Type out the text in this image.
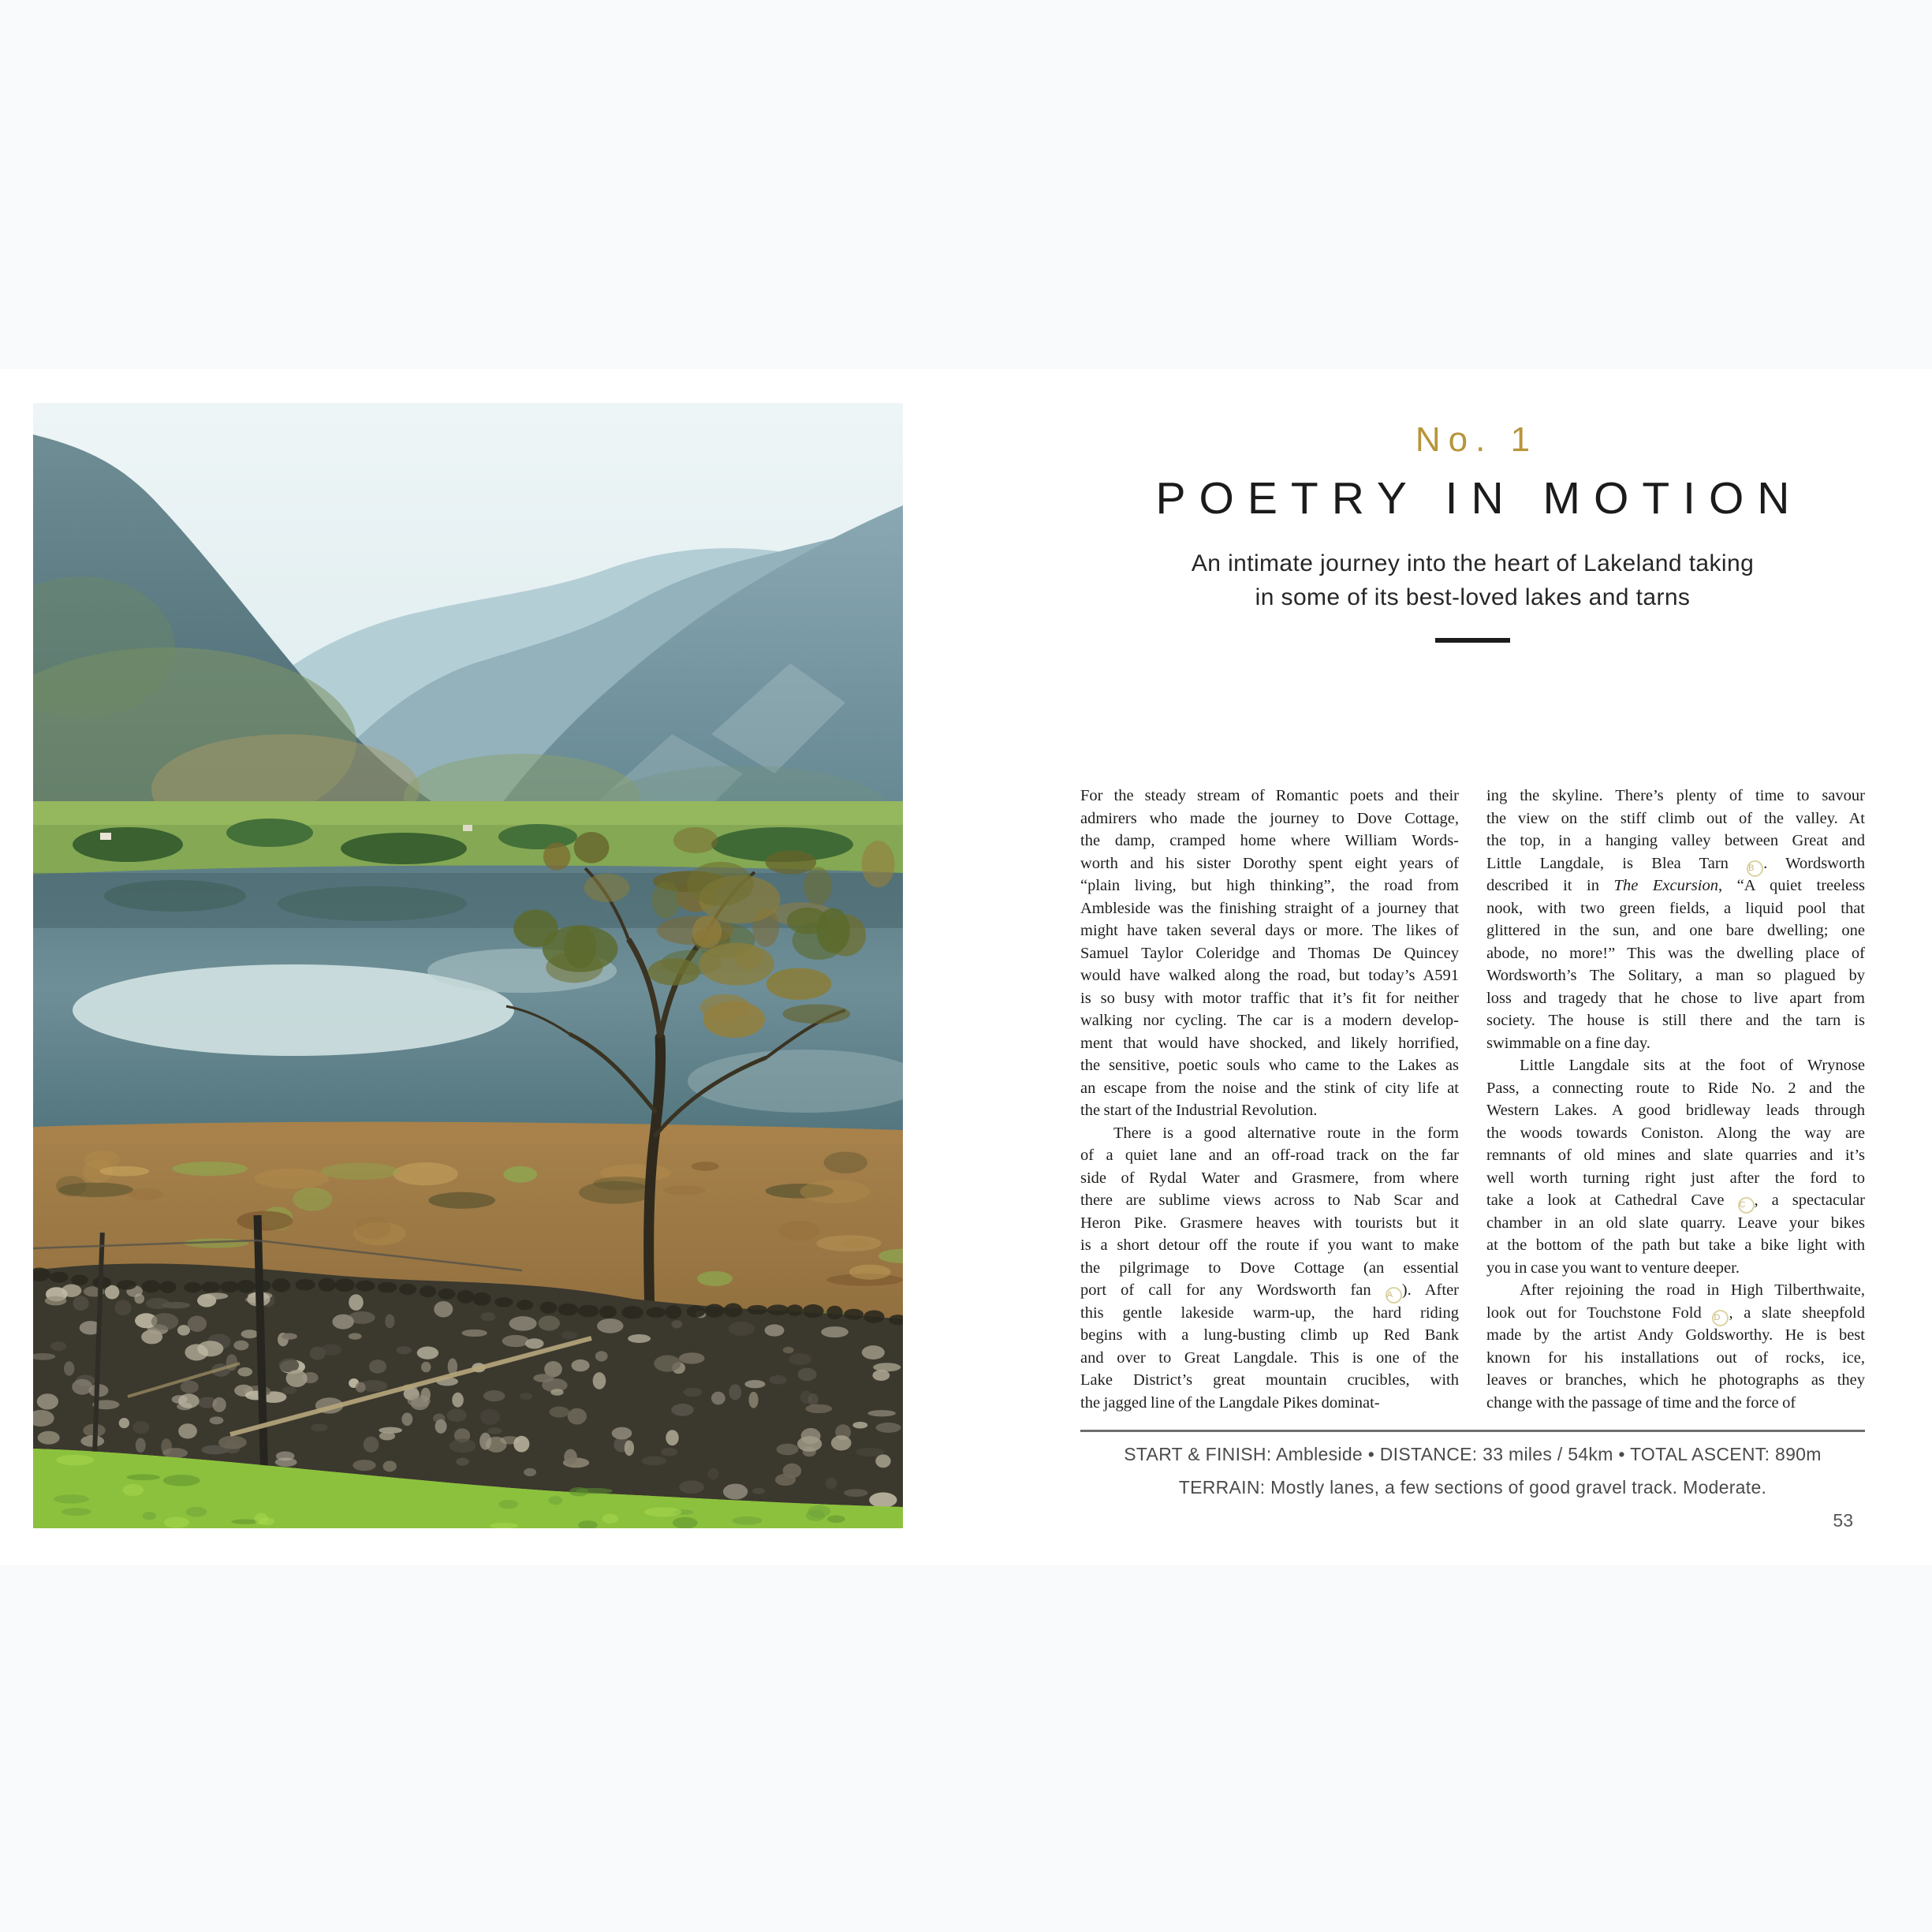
No. 1
POETRY IN MOTION
An intimate journey into the heart of Lakeland taking
in some of its best-loved lakes and tarns
For the steady stream of Romantic poets and their
admirers who made the journey to Dove Cottage,
the damp, cramped home where William Words-
worth and his sister Dorothy spent eight years of
“plain living, but high thinking”, the road from
Ambleside was the finishing straight of a journey that
might have taken several days or more. The likes of
Samuel Taylor Coleridge and Thomas De Quincey
would have walked along the road, but today’s A591
is so busy with motor traffic that it’s fit for neither
walking nor cycling. The car is a modern develop-
ment that would have shocked, and likely horrified,
the sensitive, poetic souls who came to the Lakes as
an escape from the noise and the stink of city life at
the start of the Industrial Revolution.
There is a good alternative route in the form
of a quiet lane and an off-road track on the far
side of Rydal Water and Grasmere, from where
there are sublime views across to Nab Scar and
Heron Pike. Grasmere heaves with tourists but it
is a short detour off the route if you want to make
the pilgrimage to Dove Cottage (an essential
port of call for any Wordsworth fan A ). After
this gentle lakeside warm-up, the hard riding
begins with a lung-busting climb up Red Bank
and over to Great Langdale. This is one of the
Lake District’s great mountain crucibles, with
the jagged line of the Langdale Pikes dominat-
ing the skyline. There’s plenty of time to savour
the view on the stiff climb out of the valley. At
the top, in a hanging valley between Great and
Little Langdale, is Blea Tarn B . Wordsworth
described it in The Excursion, “A quiet treeless
nook, with two green fields, a liquid pool that
glittered in the sun, and one bare dwelling; one
abode, no more!” This was the dwelling place of
Wordsworth’s The Solitary, a man so plagued by
loss and tragedy that he chose to live apart from
society. The house is still there and the tarn is
swimmable on a fine day.
Little Langdale sits at the foot of Wrynose
Pass, a connecting route to Ride No. 2 and the
Western Lakes. A good bridleway leads through
the woods towards Coniston. Along the way are
remnants of old mines and slate quarries and it’s
well worth turning right just after the ford to
take a look at Cathedral Cave C , a spectacular
chamber in an old slate quarry. Leave your bikes
at the bottom of the path but take a bike light with
you in case you want to venture deeper.
After rejoining the road in High Tilberthwaite,
look out for Touchstone Fold D , a slate sheepfold
made by the artist Andy Goldsworthy. He is best
known for his installations out of rocks, ice,
leaves or branches, which he photographs as they
change with the passage of time and the force of
START & FINISH: Ambleside • DISTANCE: 33 miles / 54km • TOTAL ASCENT: 890m
TERRAIN: Mostly lanes, a few sections of good gravel track. Moderate.
53
